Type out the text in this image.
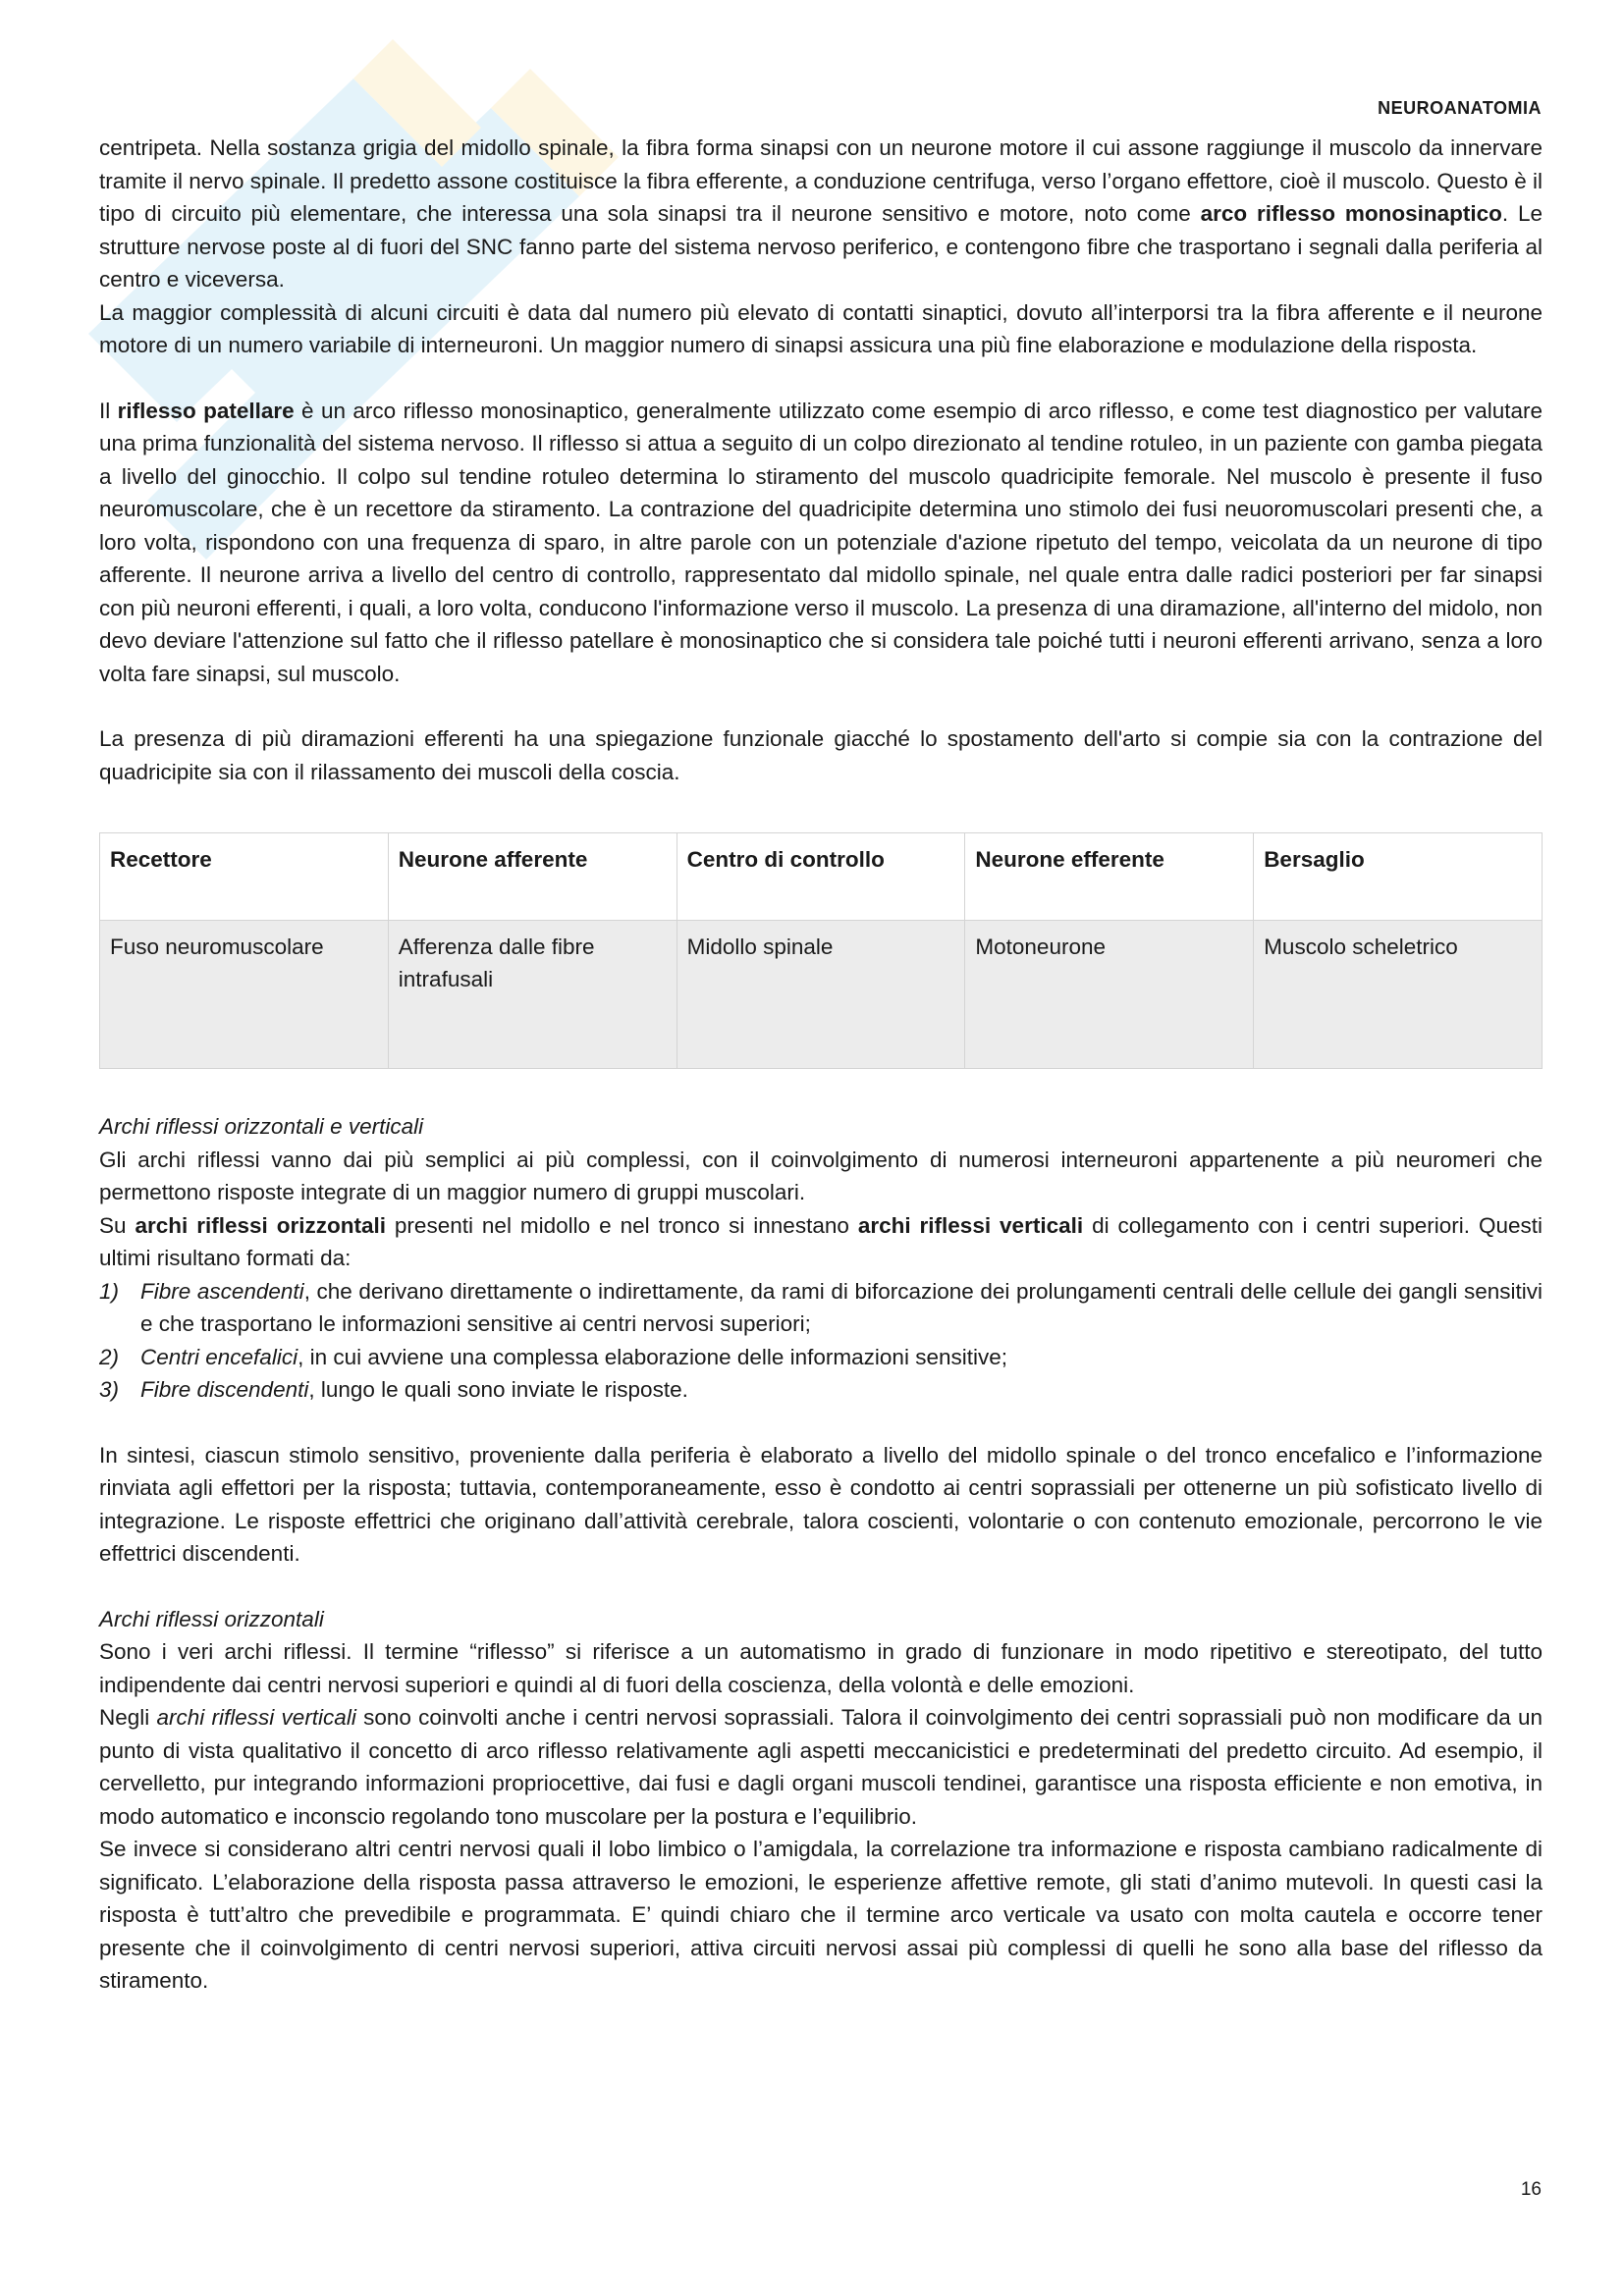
NEUROANATOMIA

centripeta. Nella sostanza grigia del midollo spinale, la fibra forma sinapsi con un neurone motore il cui assone raggiunge il muscolo da innervare tramite il nervo spinale. Il predetto assone costituisce la fibra efferente, a conduzione centrifuga, verso l’organo effettore, cioè il muscolo. Questo è il tipo di circuito più elementare, che interessa una sola sinapsi tra il neurone sensitivo e motore, noto come arco riflesso monosinaptico. Le strutture nervose poste al di fuori del SNC fanno parte del sistema nervoso periferico, e contengono fibre che trasportano i segnali dalla periferia al centro e viceversa.

La maggior complessità di alcuni circuiti è data dal numero più elevato di contatti sinaptici, dovuto all’interporsi tra la fibra afferente e il neurone motore di un numero variabile di interneuroni. Un maggior numero di sinapsi assicura una più fine elaborazione e modulazione della risposta.

Il riflesso patellare è un arco riflesso monosinaptico, generalmente utilizzato come esempio di arco riflesso, e come test diagnostico per valutare una prima funzionalità del sistema nervoso. Il riflesso si attua a seguito di un colpo direzionato al tendine rotuleo, in un paziente con gamba piegata a livello del ginocchio. Il colpo sul tendine rotuleo determina lo stiramento del muscolo quadricipite femorale. Nel muscolo è presente il fuso neuromuscolare, che è un recettore da stiramento. La contrazione del quadricipite determina uno stimolo dei fusi neuoromuscolari presenti che, a loro volta, rispondono con una frequenza di sparo, in altre parole con un potenziale d'azione ripetuto del tempo, veicolata da un neurone di tipo afferente. Il neurone arriva a livello del centro di controllo, rappresentato dal midollo spinale, nel quale entra dalle radici posteriori per far sinapsi con più neuroni efferenti, i quali, a loro volta, conducono l'informazione verso il muscolo. La presenza di una diramazione, all'interno del midolo, non devo deviare l'attenzione sul fatto che il riflesso patellare è monosinaptico che si considera tale poiché tutti i neuroni efferenti arrivano, senza a loro volta fare sinapsi, sul muscolo.

La presenza di più diramazioni efferenti ha una spiegazione funzionale giacché lo spostamento dell'arto si compie sia con la contrazione del quadricipite sia con il rilassamento dei muscoli della coscia.

Recettore	Neurone afferente	Centro di controllo	Neurone efferente	Bersaglio
Fuso neuromuscolare	Afferenza dalle fibre intrafusali	Midollo spinale	Motoneurone	Muscolo scheletrico

Archi riflessi orizzontali e verticali

Gli archi riflessi vanno dai più semplici ai più complessi, con il coinvolgimento di numerosi interneuroni appartenente a più neuromeri che permettono risposte integrate di un maggior numero di gruppi muscolari.

Su archi riflessi orizzontali presenti nel midollo e nel tronco si innestano archi riflessi verticali di collegamento con i centri superiori. Questi ultimi risultano formati da:

1) Fibre ascendenti, che derivano direttamente o indirettamente, da rami di biforcazione dei prolungamenti centrali delle cellule dei gangli sensitivi e che trasportano le informazioni sensitive ai centri nervosi superiori;
2) Centri encefalici, in cui avviene una complessa elaborazione delle informazioni sensitive;
3) Fibre discendenti, lungo le quali sono inviate le risposte.

In sintesi, ciascun stimolo sensitivo, proveniente dalla periferia è elaborato a livello del midollo spinale o del tronco encefalico e l’informazione rinviata agli effettori per la risposta; tuttavia, contemporaneamente, esso è condotto ai centri soprassiali per ottenerne un più sofisticato livello di integrazione. Le risposte effettrici che originano dall’attività cerebrale, talora coscienti, volontarie o con contenuto emozionale, percorrono le vie effettrici discendenti.

Archi riflessi orizzontali

Sono i veri archi riflessi. Il termine “riflesso” si riferisce a un automatismo in grado di funzionare in modo ripetitivo e stereotipato, del tutto indipendente dai centri nervosi superiori e quindi al di fuori della coscienza, della volontà e delle emozioni.

Negli archi riflessi verticali sono coinvolti anche i centri nervosi soprassiali. Talora il coinvolgimento dei centri soprassiali può non modificare da un punto di vista qualitativo il concetto di arco riflesso relativamente agli aspetti meccanicistici e predeterminati del predetto circuito. Ad esempio, il cervelletto, pur integrando informazioni propriocettive, dai fusi e dagli organi muscoli tendinei, garantisce una risposta efficiente e non emotiva, in modo automatico e inconscio regolando tono muscolare per la postura e l’equilibrio.

Se invece si considerano altri centri nervosi quali il lobo limbico o l’amigdala, la correlazione tra informazione e risposta cambiano radicalmente di significato. L’elaborazione della risposta passa attraverso le emozioni, le esperienze affettive remote, gli stati d’animo mutevoli. In questi casi la risposta è tutt’altro che prevedibile e programmata. E’ quindi chiaro che il termine arco verticale va usato con molta cautela e occorre tener presente che il coinvolgimento di centri nervosi superiori, attiva circuiti nervosi assai più complessi di quelli he sono alla base del riflesso da stiramento.

16
